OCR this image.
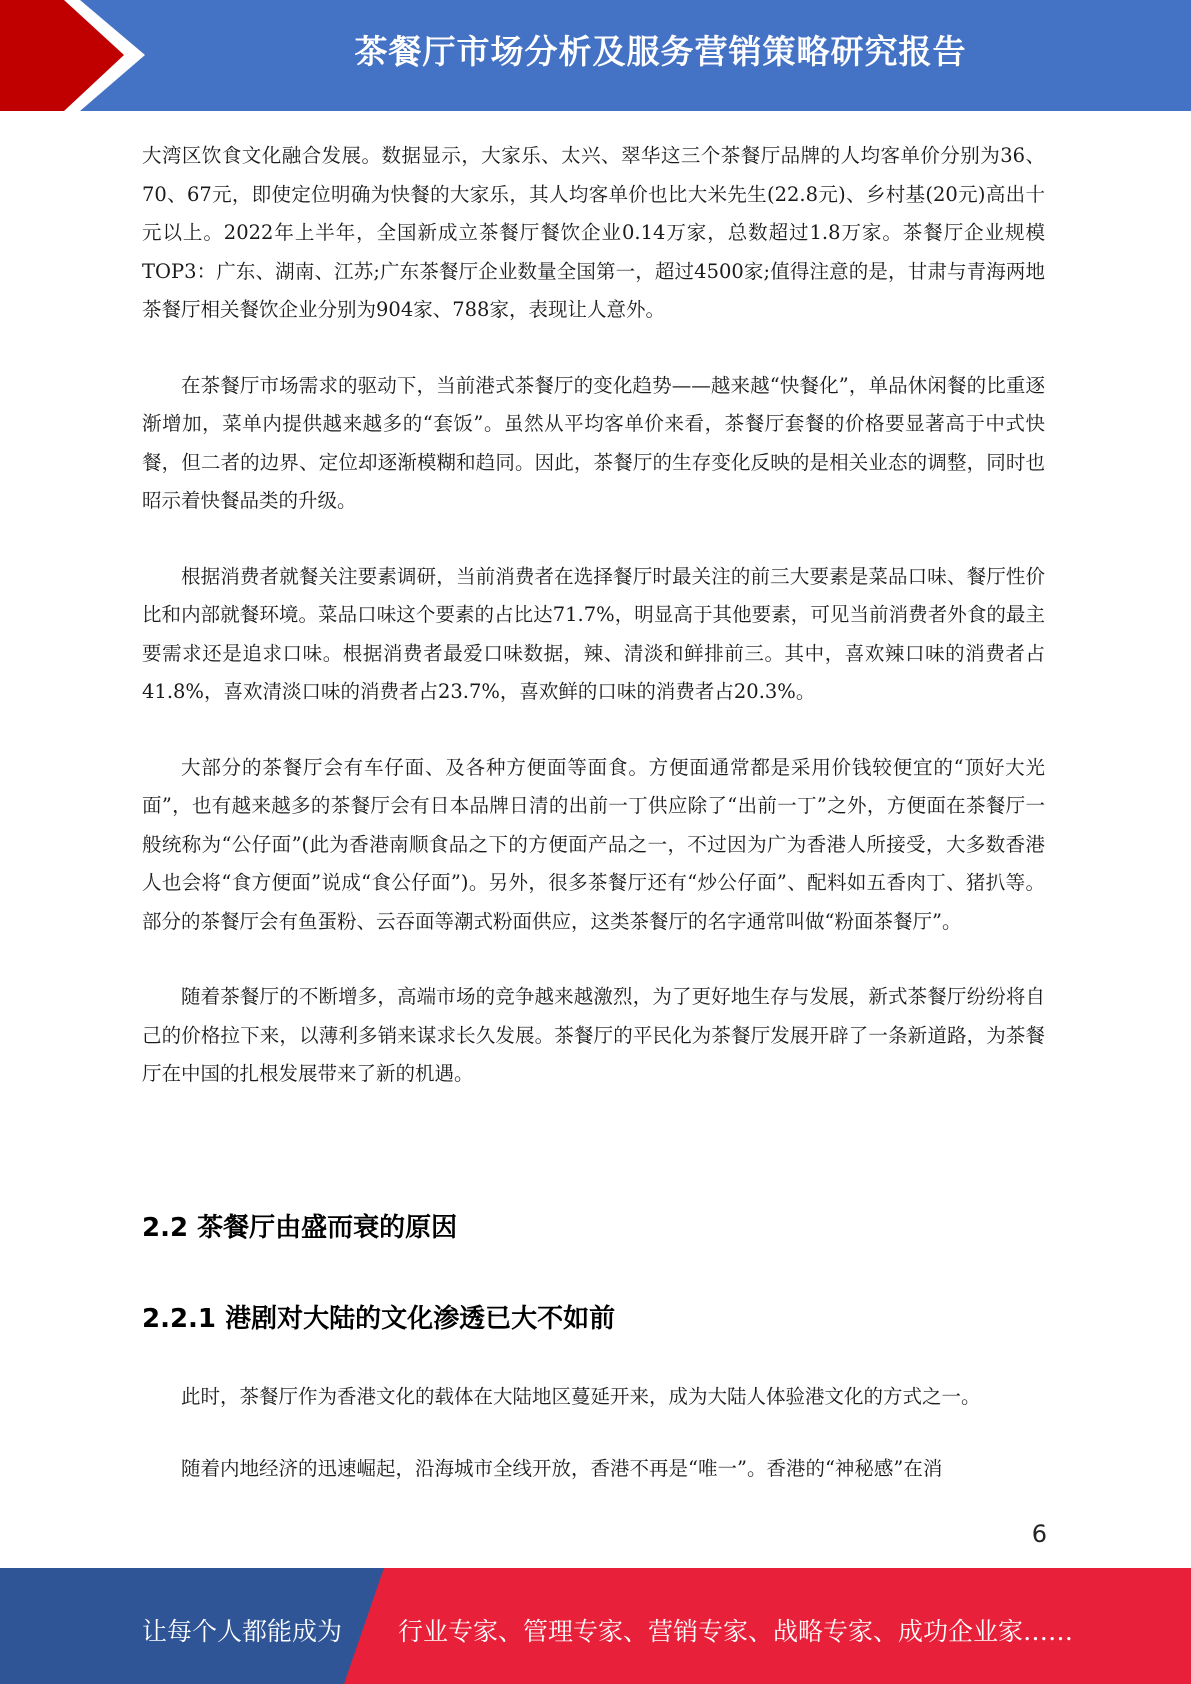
茶餐厅市场分析及服务营销策略研究报告

大湾区饮食文化融合发展。数据显示，大家乐、太兴、翠华这三个茶餐厅品牌的人均客单价分别为36、70、67元，即使定位明确为快餐的大家乐，其人均客单价也比大米先生(22.8元)、乡村基(20元)高出十元以上。2022年上半年，全国新成立茶餐厅餐饮企业0.14万家，总数超过1.8万家。茶餐厅企业规模TOP3：广东、湖南、江苏;广东茶餐厅企业数量全国第一，超过4500家;值得注意的是，甘肃与青海两地茶餐厅相关餐饮企业分别为904家、788家，表现让人意外。

在茶餐厅市场需求的驱动下，当前港式茶餐厅的变化趋势——越来越“快餐化”，单品休闲餐的比重逐渐增加，菜单内提供越来越多的“套饭”。虽然从平均客单价来看，茶餐厅套餐的价格要显著高于中式快餐，但二者的边界、定位却逐渐模糊和趋同。因此，茶餐厅的生存变化反映的是相关业态的调整，同时也昭示着快餐品类的升级。

根据消费者就餐关注要素调研，当前消费者在选择餐厅时最关注的前三大要素是菜品口味、餐厅性价比和内部就餐环境。菜品口味这个要素的占比达71.7%，明显高于其他要素，可见当前消费者外食的最主要需求还是追求口味。根据消费者最爱口味数据，辣、清淡和鲜排前三。其中，喜欢辣口味的消费者占41.8%，喜欢清淡口味的消费者占23.7%，喜欢鲜的口味的消费者占20.3%。

大部分的茶餐厅会有车仔面、及各种方便面等面食。方便面通常都是采用价钱较便宜的“顶好大光面”，也有越来越多的茶餐厅会有日本品牌日清的出前一丁供应除了“出前一丁”之外，方便面在茶餐厅一般统称为“公仔面”(此为香港南顺食品之下的方便面产品之一，不过因为广为香港人所接受，大多数香港人也会将“食方便面”说成“食公仔面”)。另外，很多茶餐厅还有“炒公仔面”、配料如五香肉丁、猪扒等。部分的茶餐厅会有鱼蛋粉、云吞面等潮式粉面供应，这类茶餐厅的名字通常叫做“粉面茶餐厅”。

随着茶餐厅的不断增多，高端市场的竞争越来越激烈，为了更好地生存与发展，新式茶餐厅纷纷将自己的价格拉下来，以薄利多销来谋求长久发展。茶餐厅的平民化为茶餐厅发展开辟了一条新道路，为茶餐厅在中国的扎根发展带来了新的机遇。

2.2 茶餐厅由盛而衰的原因
2.2.1 港剧对大陆的文化渗透已大不如前

此时，茶餐厅作为香港文化的载体在大陆地区蔓延开来，成为大陆人体验港文化的方式之一。

随着内地经济的迅速崛起，沿海城市全线开放，香港不再是“唯一”。香港的“神秘感”在消

6
让每个人都能成为 行业专家、管理专家、营销专家、战略专家、成功企业家……
